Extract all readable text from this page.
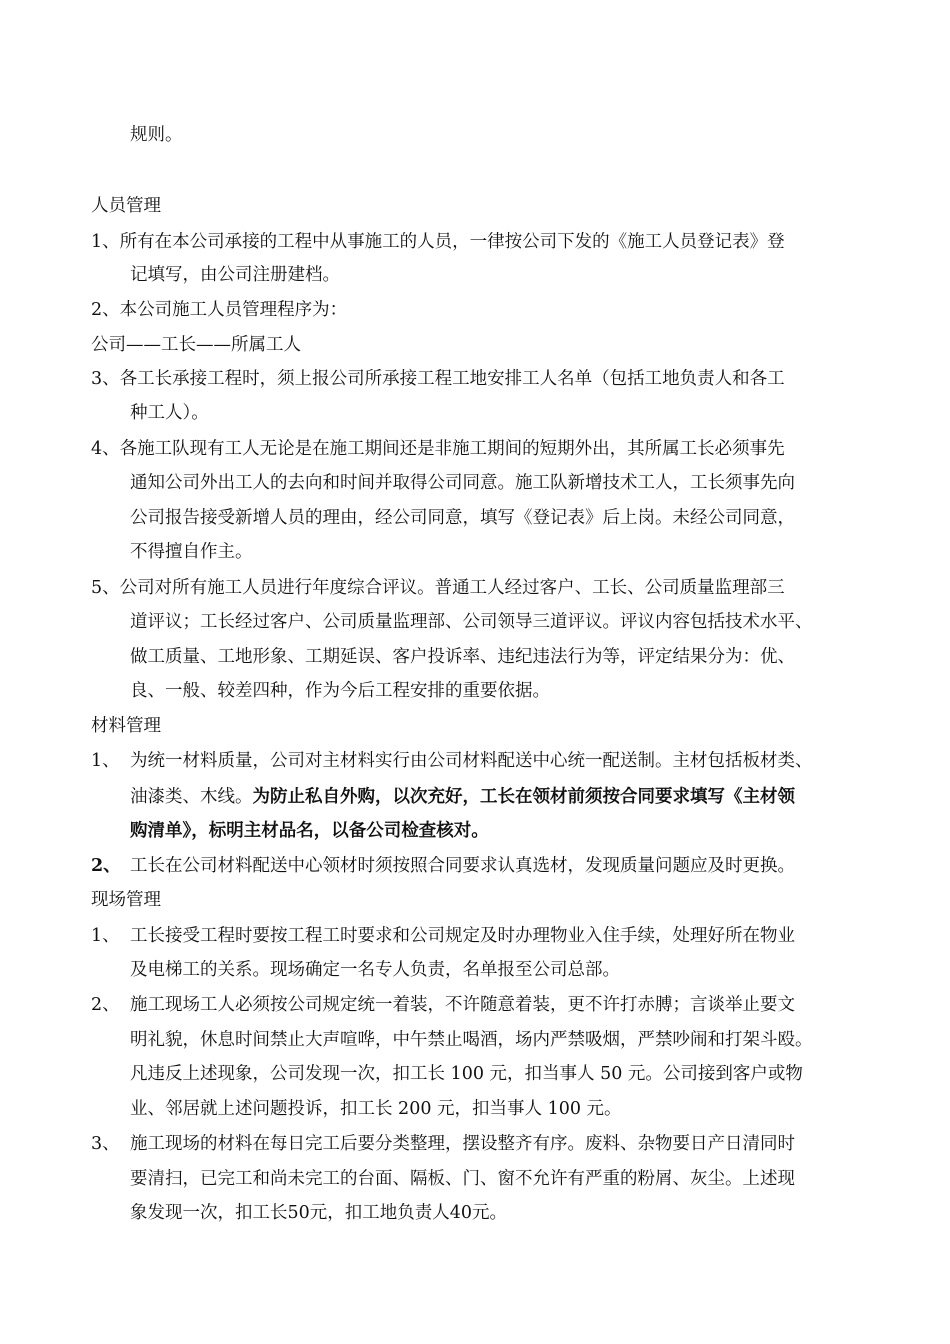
规则。
人员管理
1、所有在本公司承接的工程中从事施工的人员，一律按公司下发的《施工人员登记表》登
记填写，由公司注册建档。
2、本公司施工人员管理程序为：
公司——工长——所属工人
3、各工长承接工程时，须上报公司所承接工程工地安排工人名单（包括工地负责人和各工
种工人）。
4、各施工队现有工人无论是在施工期间还是非施工期间的短期外出，其所属工长必须事先
通知公司外出工人的去向和时间并取得公司同意。施工队新增技术工人，工长须事先向
公司报告接受新增人员的理由，经公司同意，填写《登记表》后上岗。未经公司同意，
不得擅自作主。
5、公司对所有施工人员进行年度综合评议。普通工人经过客户、工长、公司质量监理部三
道评议；工长经过客户、公司质量监理部、公司领导三道评议。评议内容包括技术水平、
做工质量、工地形象、工期延误、客户投诉率、违纪违法行为等，评定结果分为：优、
良、一般、较差四种，作为今后工程安排的重要依据。
材料管理
1、 为统一材料质量，公司对主材料实行由公司材料配送中心统一配送制。主材包括板材类、
油漆类、木线。为防止私自外购，以次充好，工长在领材前须按合同要求填写《主材领
购清单》，标明主材品名，以备公司检查核对。
2、 工长在公司材料配送中心领材时须按照合同要求认真选材，发现质量问题应及时更换。
现场管理
1、 工长接受工程时要按工程工时要求和公司规定及时办理物业入住手续，处理好所在物业
及电梯工的关系。现场确定一名专人负责，名单报至公司总部。
2、 施工现场工人必须按公司规定统一着装，不许随意着装，更不许打赤膊；言谈举止要文
明礼貌，休息时间禁止大声喧哗，中午禁止喝酒，场内严禁吸烟，严禁吵闹和打架斗殴。
凡违反上述现象，公司发现一次，扣工长 100 元，扣当事人 50 元。公司接到客户或物
业、邻居就上述问题投诉，扣工长 200 元，扣当事人 100 元。
3、 施工现场的材料在每日完工后要分类整理，摆设整齐有序。废料、杂物要日产日清同时
要清扫，已完工和尚未完工的台面、隔板、门、窗不允许有严重的粉屑、灰尘。上述现
象发现一次，扣工长50元，扣工地负责人40元。
